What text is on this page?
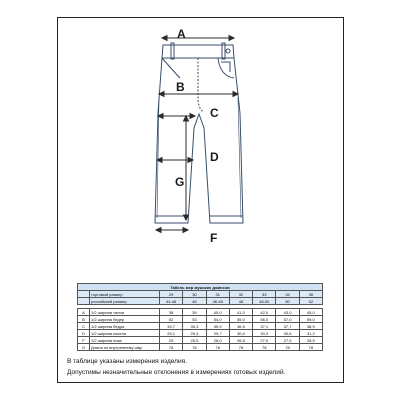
A
B
C
D
G
F
Табель мер мужских джинсов								
	торговый размер	29	30	31	32	33	34	36
	российский размер	44-46	46	46-48	48	48-50	50	52

A	1/2 ширина талии	38	39	40,0	41,0	42,0	43,0	45,0
B	1/2 ширина бедер	52	53	54,0	55,0	56,0	57,0	59,0
C	1/2 ширина бедра	34,7	35,3	35,9	36,5	37,1	37,7	38,9
D	1/2 ширина колена	29,1	29,4	29,7	30,0	30,3	30,6	31,2
F	1/2 ширина низа	25	25,5	26,0	26,5	27,0	27,5	28,5
G	Длина по внутреннему шву	78	78	78	78	78	78	78
В таблице указаны измерения изделия.
Допустимы незначительные отклонения в измерениях готовых изделий.
